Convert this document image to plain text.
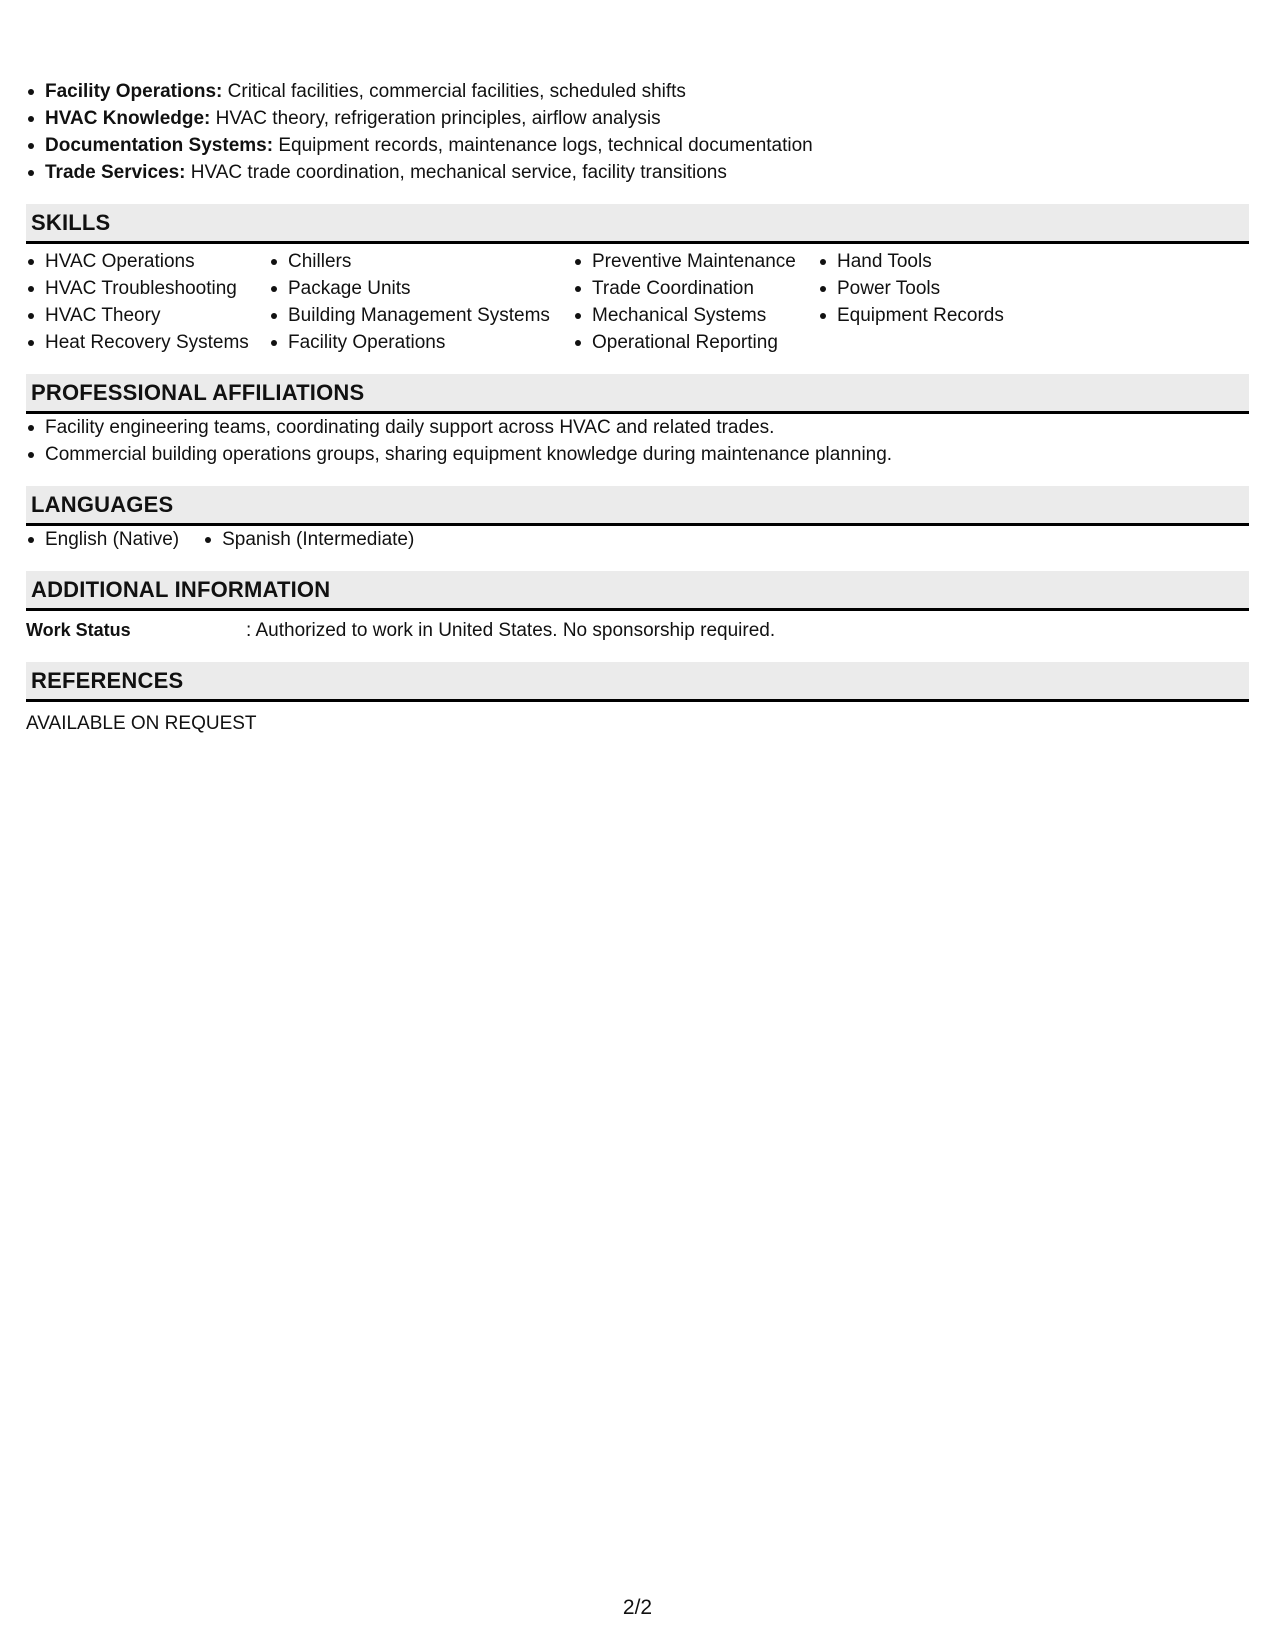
Facility Operations: Critical facilities, commercial facilities, scheduled shifts
HVAC Knowledge: HVAC theory, refrigeration principles, airflow analysis
Documentation Systems: Equipment records, maintenance logs, technical documentation
Trade Services: HVAC trade coordination, mechanical service, facility transitions
SKILLS
HVAC Operations
HVAC Troubleshooting
HVAC Theory
Heat Recovery Systems
Chillers
Package Units
Building Management Systems
Facility Operations
Preventive Maintenance
Trade Coordination
Mechanical Systems
Operational Reporting
Hand Tools
Power Tools
Equipment Records
PROFESSIONAL AFFILIATIONS
Facility engineering teams, coordinating daily support across HVAC and related trades.
Commercial building operations groups, sharing equipment knowledge during maintenance planning.
LANGUAGES
English (Native)	Spanish (Intermediate)
ADDITIONAL INFORMATION
Work Status	: Authorized to work in United States. No sponsorship required.
REFERENCES
AVAILABLE ON REQUEST
2/2
